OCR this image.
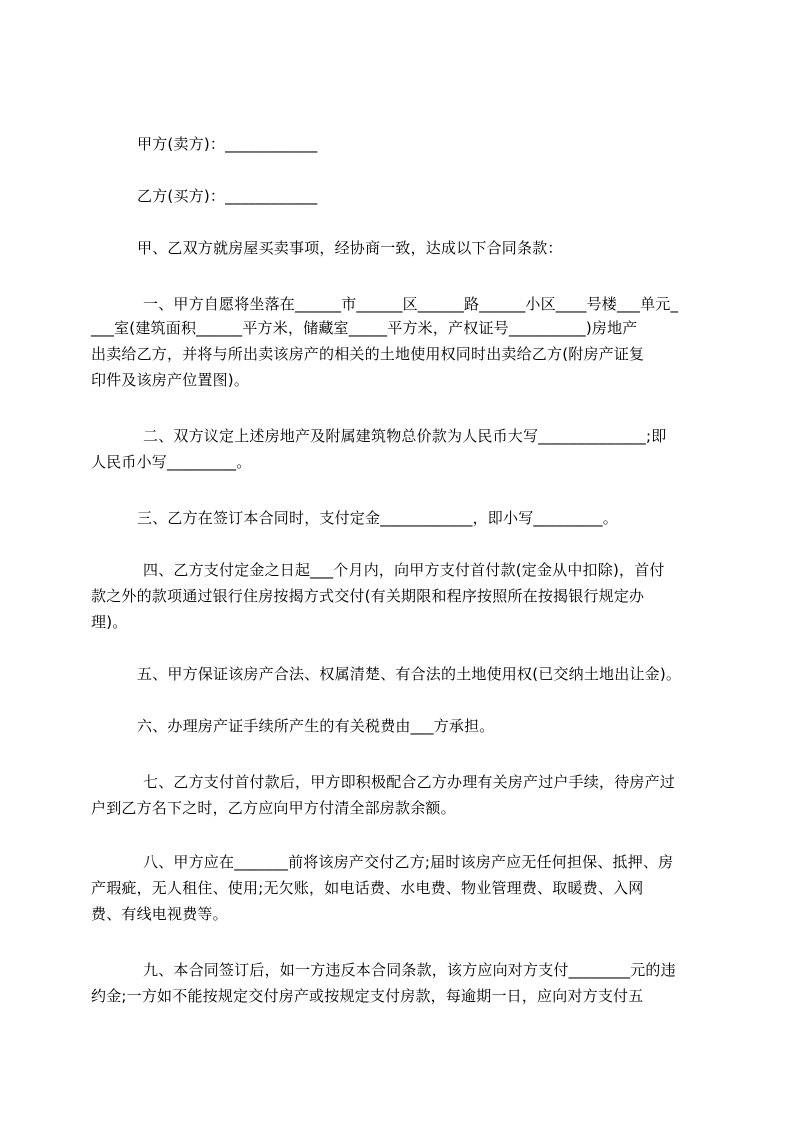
甲方(卖方)：____________
乙方(买方)：____________
甲、乙双方就房屋买卖事项，经协商一致，达成以下合同条款：
一、甲方自愿将坐落在______市______区______路______小区____号楼___单元_
___室(建筑面积______平方米，储藏室_____平方米，产权证号__________)房地产
出卖给乙方，并将与所出卖该房产的相关的土地使用权同时出卖给乙方(附房产证复
印件及该房产位置图)。
二、双方议定上述房地产及附属建筑物总价款为人民币大写______________;即
人民币小写_________。
三、乙方在签订本合同时，支付定金____________，即小写_________。
四、乙方支付定金之日起___个月内，向甲方支付首付款(定金从中扣除)，首付
款之外的款项通过银行住房按揭方式交付(有关期限和程序按照所在按揭银行规定办
理)。
五、甲方保证该房产合法、权属清楚、有合法的土地使用权(已交纳土地出让金)。
六、办理房产证手续所产生的有关税费由___方承担。
七、乙方支付首付款后，甲方即积极配合乙方办理有关房产过户手续，待房产过
户到乙方名下之时，乙方应向甲方付清全部房款余额。
八、甲方应在_______前将该房产交付乙方;届时该房产应无任何担保、抵押、房
产瑕疵，无人租住、使用;无欠账，如电话费、水电费、物业管理费、取暖费、入网
费、有线电视费等。
九、本合同签订后，如一方违反本合同条款，该方应向对方支付________元的违
约金;一方如不能按规定交付房产或按规定支付房款，每逾期一日，应向对方支付五
